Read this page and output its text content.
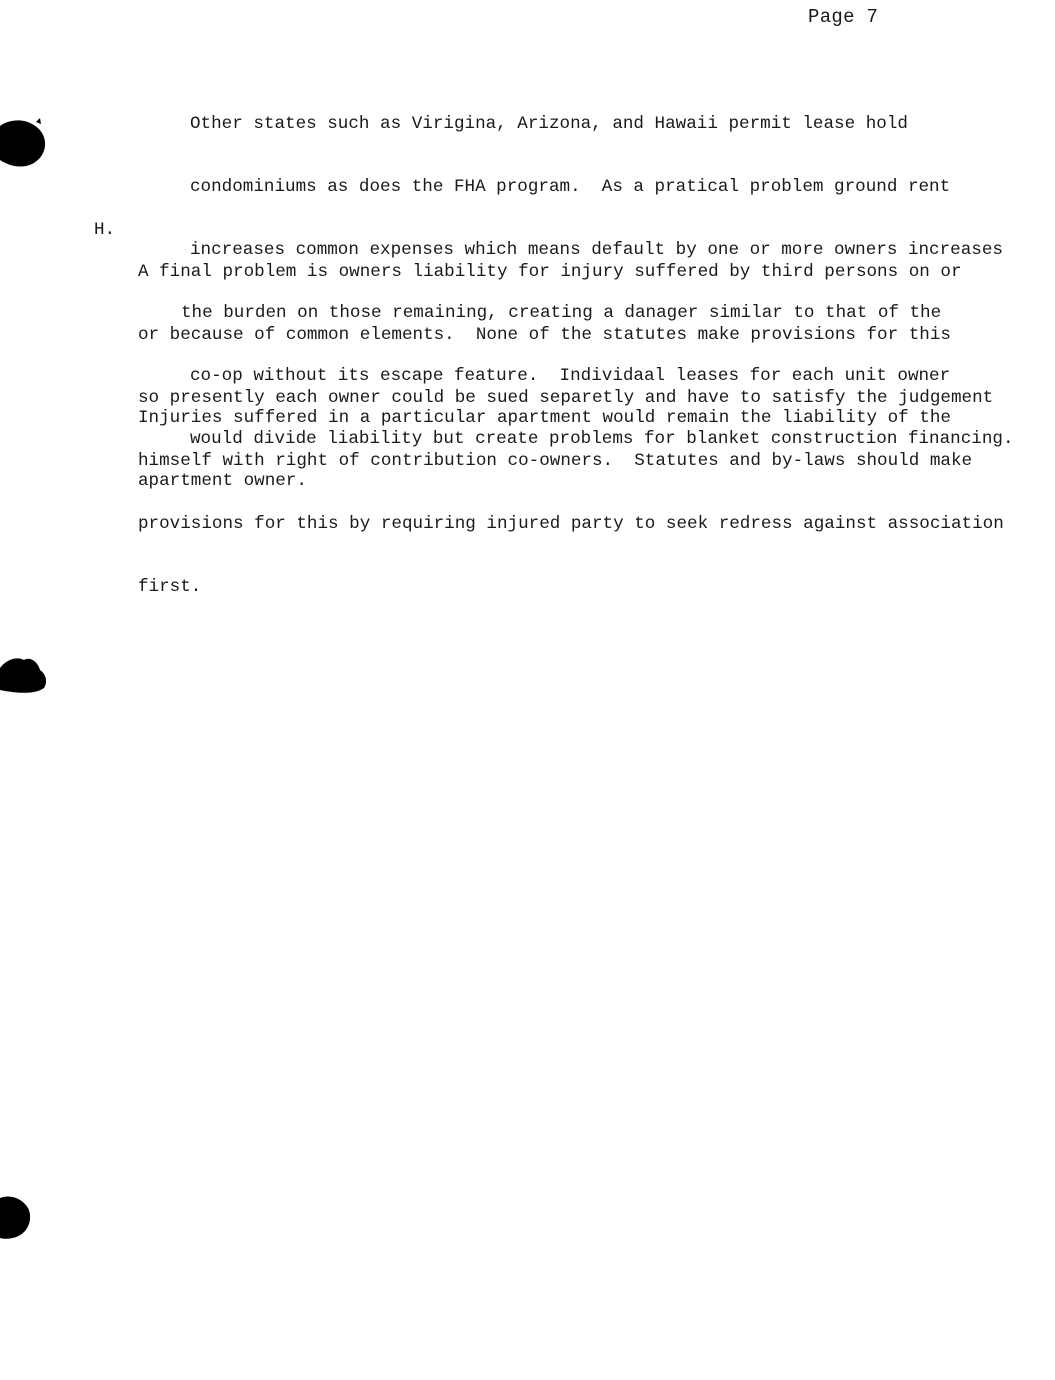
Page 7

Other states such as Virigina, Arizona, and Hawaii permit lease hold

condominiums as does the FHA program.  As a pratical problem ground rent

increases common expenses which means default by one or more owners increases

the burden on those remaining, creating a danager similar to that of the

co-op without its escape feature.  Individaal leases for each unit owner

would divide liability but create problems for blanket construction financing.

H.

A final problem is owners liability for injury suffered by third persons on or

or because of common elements.  None of the statutes make provisions for this

so presently each owner could be sued separetly and have to satisfy the judgement

himself with right of contribution co-owners.  Statutes and by-laws should make

provisions for this by requiring injured party to seek redress against association

first.

Injuries suffered in a particular apartment would remain the liability of the

apartment owner.
